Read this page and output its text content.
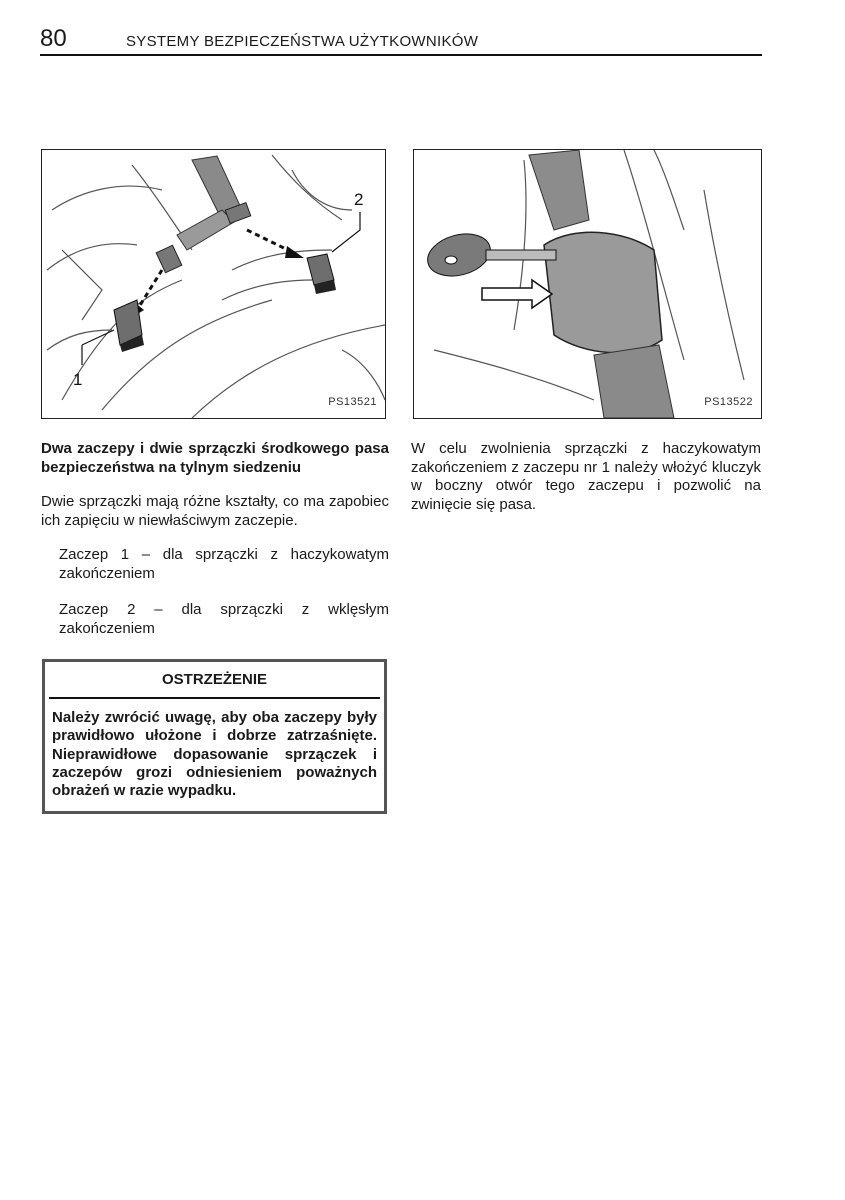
80	SYSTEMY BEZPIECZEŃSTWA UŻYTKOWNIKÓW
1
2
PS13521	PS13522

Dwa zaczepy i dwie sprzączki środkowego pasa bezpieczeństwa na tylnym siedzeniu

Dwie sprzączki mają różne kształty, co ma zapobiec ich zapięciu w niewłaściwym zaczepie.

Zaczep 1 – dla sprzączki z haczykowatym zakończeniem

Zaczep 2 – dla sprzączki z wklęsłym zakończeniem

OSTRZEŻENIE
Należy zwrócić uwagę, aby oba zaczepy były prawidłowo ułożone i dobrze zatrzaśnięte. Nieprawidłowe dopasowanie sprzączek i zaczepów grozi odniesieniem poważnych obrażeń w razie wypadku.

W celu zwolnienia sprzączki z haczykowatym zakończeniem z zaczepu nr 1 należy włożyć kluczyk w boczny otwór tego zaczepu i pozwolić na zwinięcie się pasa.
